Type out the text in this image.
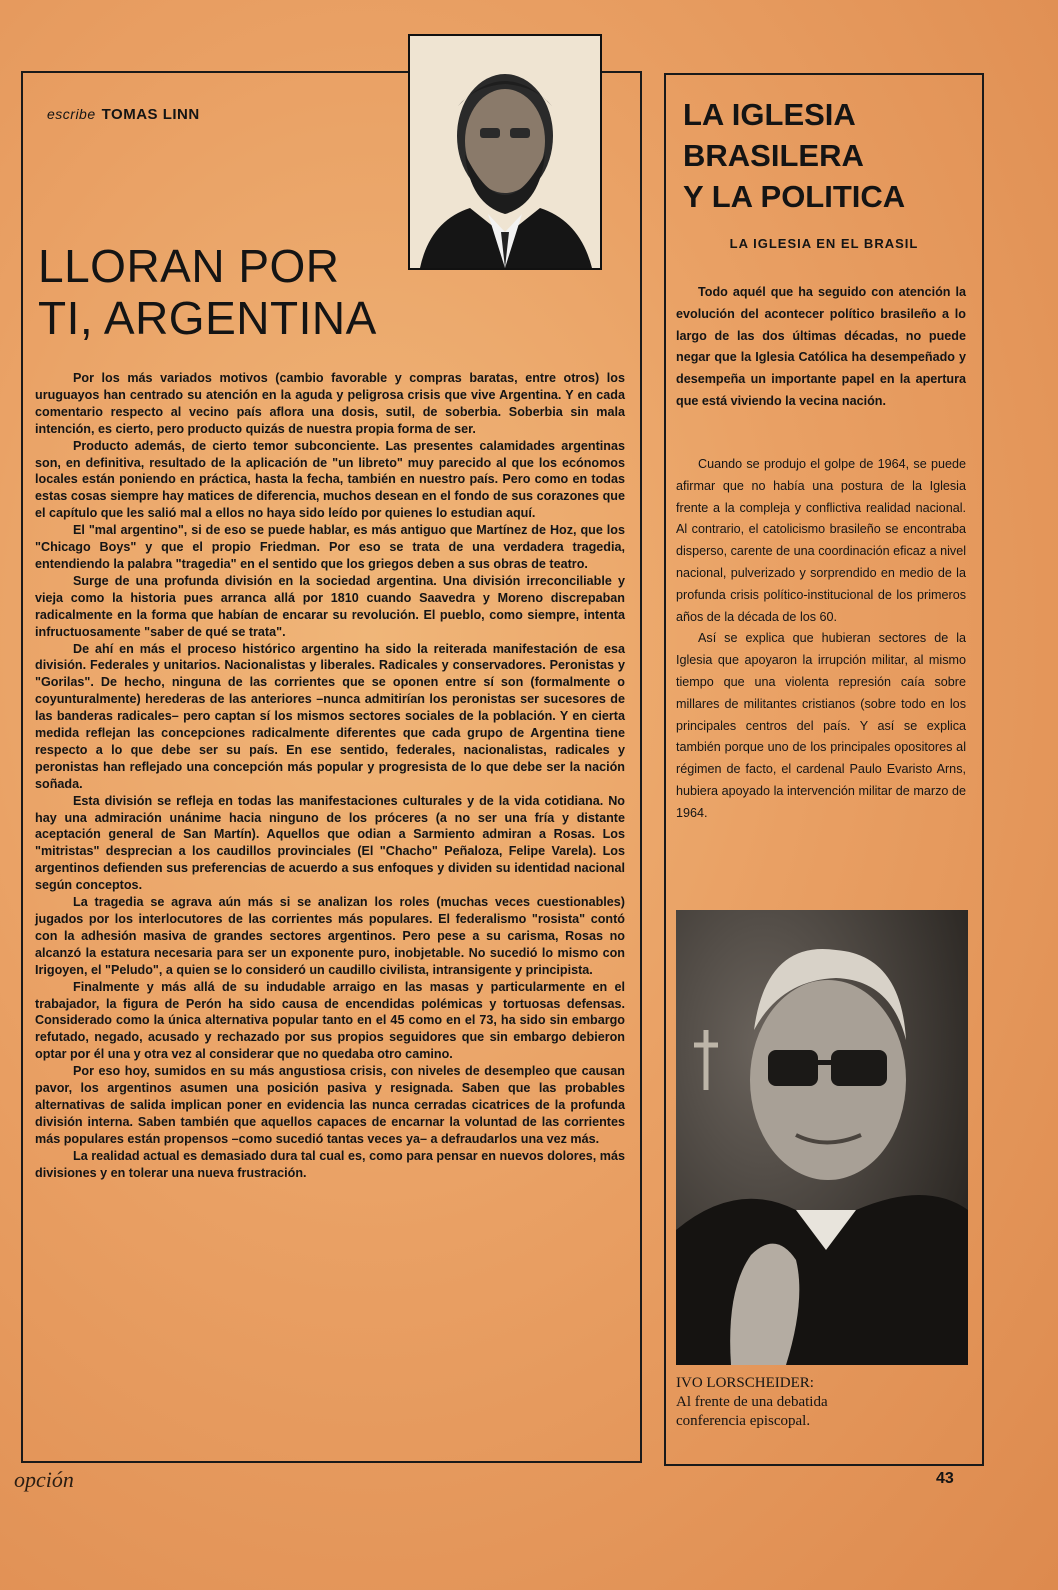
escribe TOMAS LINN
LLORAN POR
TI, ARGENTINA

Por los más variados motivos (cambio favorable y compras baratas, entre otros) los uruguayos han centrado su atención en la aguda y peligrosa crisis que vive Argentina. Y en cada comentario respecto al vecino país aflora una dosis, sutil, de soberbia. Soberbia sin mala intención, es cierto, pero producto quizás de nuestra propia forma de ser.

Producto además, de cierto temor subconciente. Las presentes calamidades argentinas son, en definitiva, resultado de la aplicación de "un libreto" muy parecido al que los ecónomos locales están poniendo en práctica, hasta la fecha, también en nuestro país. Pero como en todas estas cosas siempre hay matices de diferencia, muchos desean en el fondo de sus corazones que el capítulo que les salió mal a ellos no haya sido leído por quienes lo estudian aquí.

El "mal argentino", si de eso se puede hablar, es más antiguo que Martínez de Hoz, que los "Chicago Boys" y que el propio Friedman. Por eso se trata de una verdadera tragedia, entendiendo la palabra "tragedia" en el sentido que los griegos deben a sus obras de teatro.

Surge de una profunda división en la sociedad argentina. Una división irreconciliable y vieja como la historia pues arranca allá por 1810 cuando Saavedra y Moreno discrepaban radicalmente en la forma que habían de encarar su revolución. El pueblo, como siempre, intenta infructuosamente "saber de qué se trata".

De ahí en más el proceso histórico argentino ha sido la reiterada manifestación de esa división. Federales y unitarios. Nacionalistas y liberales. Radicales y conservadores. Peronistas y "Gorilas". De hecho, ninguna de las corrientes que se oponen entre sí son (formalmente o coyunturalmente) herederas de las anteriores –nunca admitirían los peronistas ser sucesores de las banderas radicales– pero captan sí los mismos sectores sociales de la población. Y en cierta medida reflejan las concepciones radicalmente diferentes que cada grupo de Argentina tiene respecto a lo que debe ser su país. En ese sentido, federales, nacionalistas, radicales y peronistas han reflejado una concepción más popular y progresista de lo que debe ser la nación soñada.

Esta división se refleja en todas las manifestaciones culturales y de la vida cotidiana. No hay una admiración unánime hacia ninguno de los próceres (a no ser una fría y distante aceptación general de San Martín). Aquellos que odian a Sarmiento admiran a Rosas. Los "mitristas" desprecian a los caudillos provinciales (El "Chacho" Peñaloza, Felipe Varela). Los argentinos defienden sus preferencias de acuerdo a sus enfoques y dividen su identidad nacional según conceptos.

La tragedia se agrava aún más si se analizan los roles (muchas veces cuestionables) jugados por los interlocutores de las corrientes más populares. El federalismo "rosista" contó con la adhesión masiva de grandes sectores argentinos. Pero pese a su carisma, Rosas no alcanzó la estatura necesaria para ser un exponente puro, inobjetable. No sucedió lo mismo con Irigoyen, el "Peludo", a quien se lo consideró un caudillo civilista, intransigente y principista.

Finalmente y más allá de su indudable arraigo en las masas y particularmente en el trabajador, la figura de Perón ha sido causa de encendidas polémicas y tortuosas defensas. Considerado como la única alternativa popular tanto en el 45 como en el 73, ha sido sin embargo refutado, negado, acusado y rechazado por sus propios seguidores que sin embargo debieron optar por él una y otra vez al considerar que no quedaba otro camino.

Por eso hoy, sumidos en su más angustiosa crisis, con niveles de desempleo que causan pavor, los argentinos asumen una posición pasiva y resignada. Saben que las probables alternativas de salida implican poner en evidencia las nunca cerradas cicatrices de la profunda división interna. Saben también que aquellos capaces de encarnar la voluntad de las corrientes más populares están propensos –como sucedió tantas veces ya– a defraudarlos una vez más.

La realidad actual es demasiado dura tal cual es, como para pensar en nuevos dolores, más divisiones y en tolerar una nueva frustración.

LA IGLESIA
BRASILERA
Y LA POLITICA
LA IGLESIA EN EL BRASIL

Todo aquél que ha seguido con atención la evolución del acontecer político brasileño a lo largo de las dos últimas décadas, no puede negar que la Iglesia Católica ha desempeñado y desempeña un importante papel en la apertura que está viviendo la vecina nación.

Cuando se produjo el golpe de 1964, se puede afirmar que no había una postura de la Iglesia frente a la compleja y conflictiva realidad nacional. Al contrario, el catolicismo brasileño se encontraba disperso, carente de una coordinación eficaz a nivel nacional, pulverizado y sorprendido en medio de la profunda crisis político-institucional de los primeros años de la década de los 60.

Así se explica que hubieran sectores de la Iglesia que apoyaron la irrupción militar, al mismo tiempo que una violenta represión caía sobre millares de militantes cristianos (sobre todo en los principales centros del país. Y así se explica también porque uno de los principales opositores al régimen de facto, el cardenal Paulo Evaristo Arns, hubiera apoyado la intervención militar de marzo de 1964.

IVO LORSCHEIDER:
Al frente de una debatida
conferencia episcopal.
opción	43
